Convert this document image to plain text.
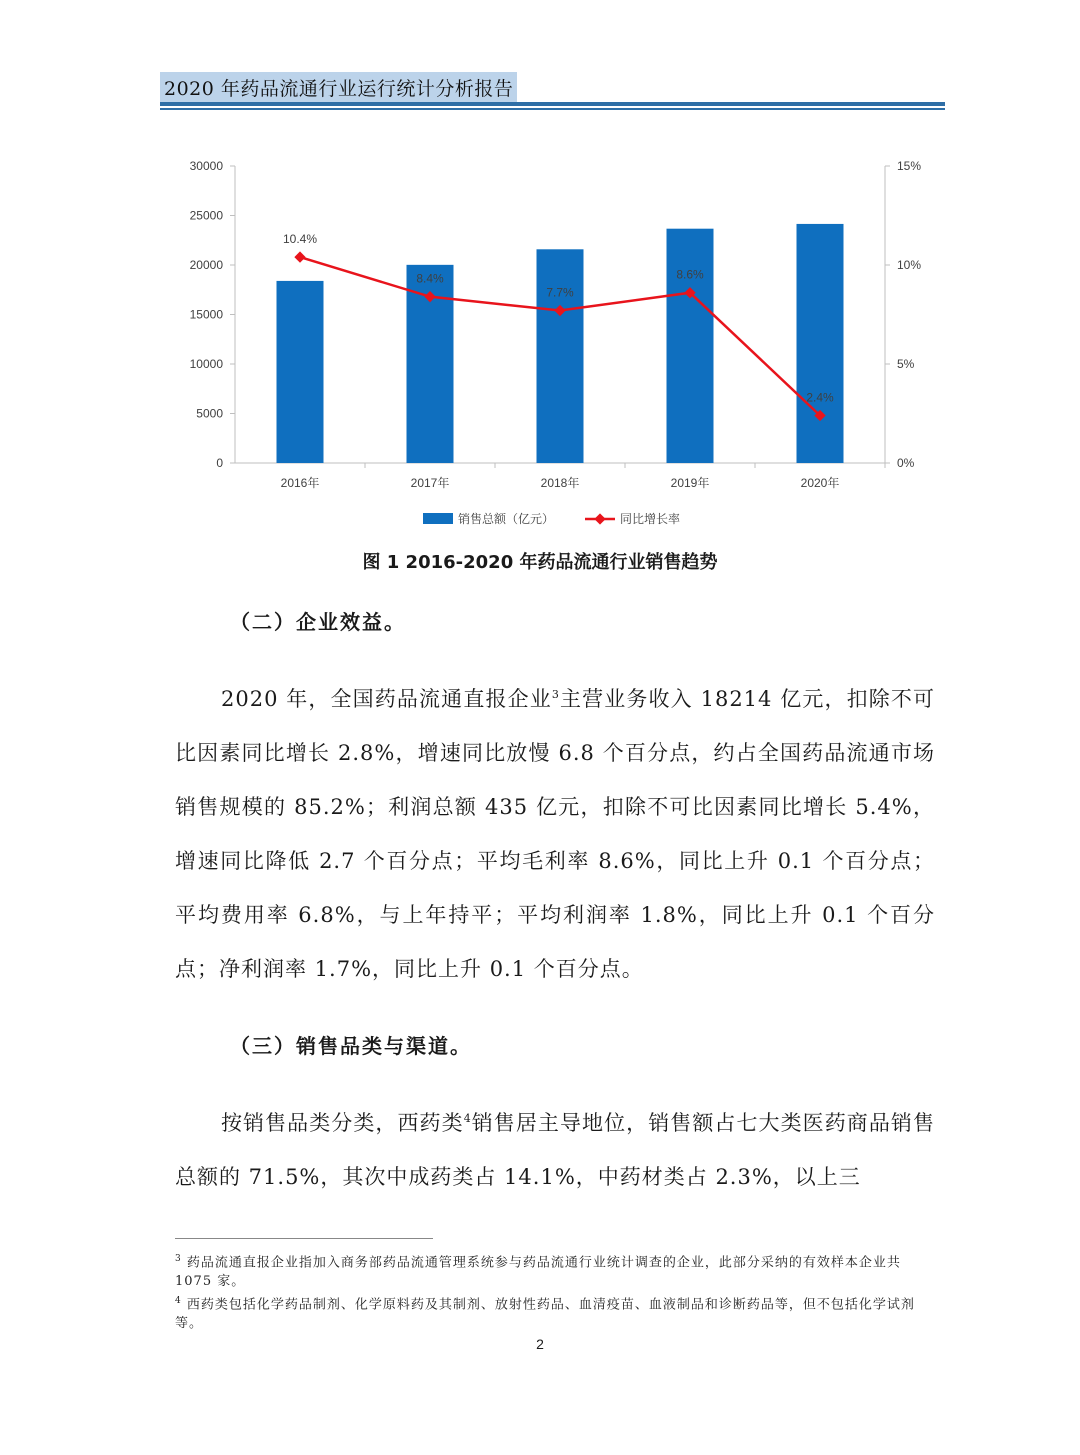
2020 年药品流通行业运行统计分析报告
0
5000
10000
15000
20000
25000
30000
0%
5%
10%
15%
2016年	2017年	2018年	2019年	2020年
10.4%
8.4%
7.7%
8.6%
2.4%
销售总额（亿元）	同比增长率
图 1 2016-2020 年药品流通行业销售趋势
（二）企业效益。
2020 年，全国药品流通直报企业$^3$主营业务收入 18214 亿元，扣除不可比因素同比增长 2.8%，增速同比放慢 6.8 个百分点，约占全国药品流通市场销售规模的 85.2%；利润总额 435 亿元，扣除不可比因素同比增长 5.4%，增速同比降低 2.7 个百分点；平均毛利率 8.6%，同比上升 0.1 个百分点；平均费用率 6.8%，与上年持平；平均利润率 1.8%，同比上升 0.1 个百分点；净利润率 1.7%，同比上升 0.1 个百分点。
（三）销售品类与渠道。
按销售品类分类，西药类$^4$销售居主导地位，销售额占七大类医药商品销售总额的 71.5%，其次中成药类占 14.1%，中药材类占 2.3%，以上三
$^3$ 药品流通直报企业指加入商务部药品流通管理系统参与药品流通行业统计调查的企业，此部分采纳的有效样本企业共 1075 家。
$^4$ 西药类包括化学药品制剂、化学原料药及其制剂、放射性药品、血清疫苗、血液制品和诊断药品等，但不包括化学试剂等。
2
